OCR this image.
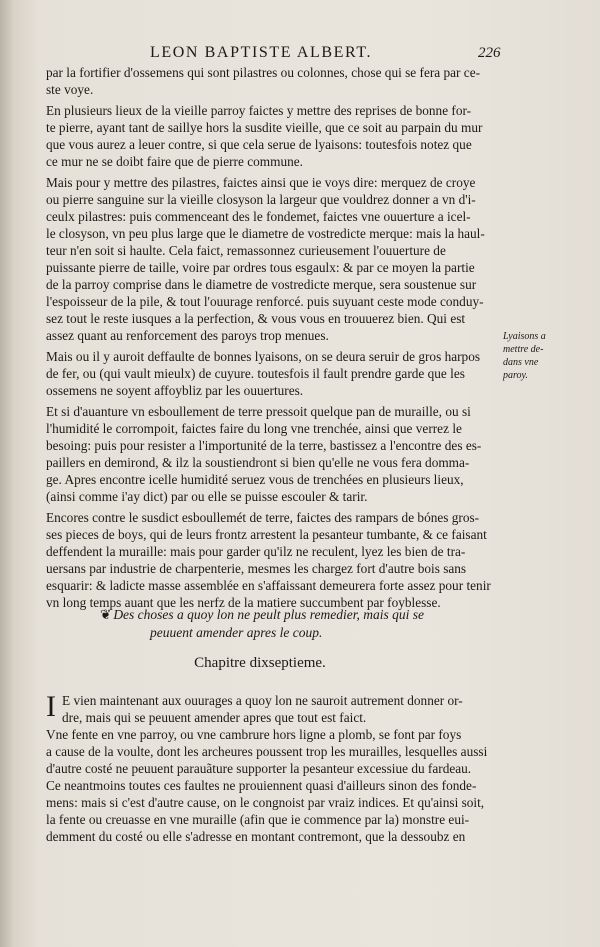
LEON BAPTISTE ALBERT.	226
par la fortifier d'ossemens qui sont pilastres ou colonnes, chose qui se fera par ce-
ste voye.
En plusieurs lieux de la vieille parroy faictes y mettre des reprises de bonne for-
te pierre, ayant tant de saillye hors la susdite vieille, que ce soit au parpain du mur
que vous aurez a leuer contre, si que cela serue de lyaisons: toutesfois notez que
ce mur ne se doibt faire que de pierre commune.
Mais pour y mettre des pilastres, faictes ainsi que ie voys dire: merquez de croye
ou pierre sanguine sur la vieille closyson la largeur que vouldrez donner a vn d'i-
ceulx pilastres: puis commenceant des le fondemet, faictes vne ouuerture a icel-
le closyson, vn peu plus large que le diametre de vostredicte merque: mais la haul-
teur n'en soit si haulte. Cela faict, remassonnez curieusement l'ouuerture de
puissante pierre de taille, voire par ordres tous esgaulx: & par ce moyen la partie
de la parroy comprise dans le diametre de vostredicte merque, sera soustenue sur
l'espoisseur de la pile, & tout l'ouurage renforcé. puis suyuant ceste mode conduy-
sez tout le reste iusques a la perfection, & vous vous en trouuerez bien. Qui est
assez quant au renforcement des paroys trop menues.
Mais ou il y auroit deffaulte de bonnes lyaisons, on se deura seruir de gros harpos
de fer, ou (qui vault mieulx) de cuyure. toutesfois il fault prendre garde que les
ossemens ne soyent affoybliz par les ouuertures.
Et si d'auanture vn esboullement de terre pressoit quelque pan de muraille, ou si
l'humidité le corrompoit, faictes faire du long vne trenchée, ainsi que verrez le
besoing: puis pour resister a l'importunité de la terre, bastissez a l'encontre des es-
paillers en demirond, & ilz la soustiendront si bien qu'elle ne vous fera domma-
ge. Apres encontre icelle humidité seruez vous de trenchées en plusieurs lieux,
(ainsi comme i'ay dict) par ou elle se puisse escouler & tarir.
Encores contre le susdict esboullemét de terre, faictes des rampars de bónes gros-
ses pieces de boys, qui de leurs frontz arrestent la pesanteur tumbante, & ce faisant
deffendent la muraille: mais pour garder qu'ilz ne reculent, lyez les bien de tra-
uersans par industrie de charpenterie, mesmes les chargez fort d'autre bois sans
esquarir: & ladicte masse assemblée en s'affaissant demeurera forte assez pour tenir
vn long temps auant que les nerfz de la matiere succumbent par foyblesse.
Lyaisons a
mettre de-
dans vne
paroy.
❦ Des choses a quoy lon ne peult plus remedier, mais qui se
peuuent amender apres le coup.
Chapitre dixseptieme.
I E vien maintenant aux ouurages a quoy lon ne sauroit autrement donner or-
dre, mais qui se peuuent amender apres que tout est faict.
Vne fente en vne parroy, ou vne cambrure hors ligne a plomb, se font par foys
a cause de la voulte, dont les archeures poussent trop les murailles, lesquelles aussi
d'autre costé ne peuuent parauãture supporter la pesanteur excessiue du fardeau.
Ce neantmoins toutes ces faultes ne prouiennent quasi d'ailleurs sinon des fonde-
mens: mais si c'est d'autre cause, on le congnoist par vraiz indices. Et qu'ainsi soit,
la fente ou creuasse en vne muraille (afin que ie commence par la) monstre eui-
demment du costé ou elle s'adresse en montant contremont, que la dessoubz en
